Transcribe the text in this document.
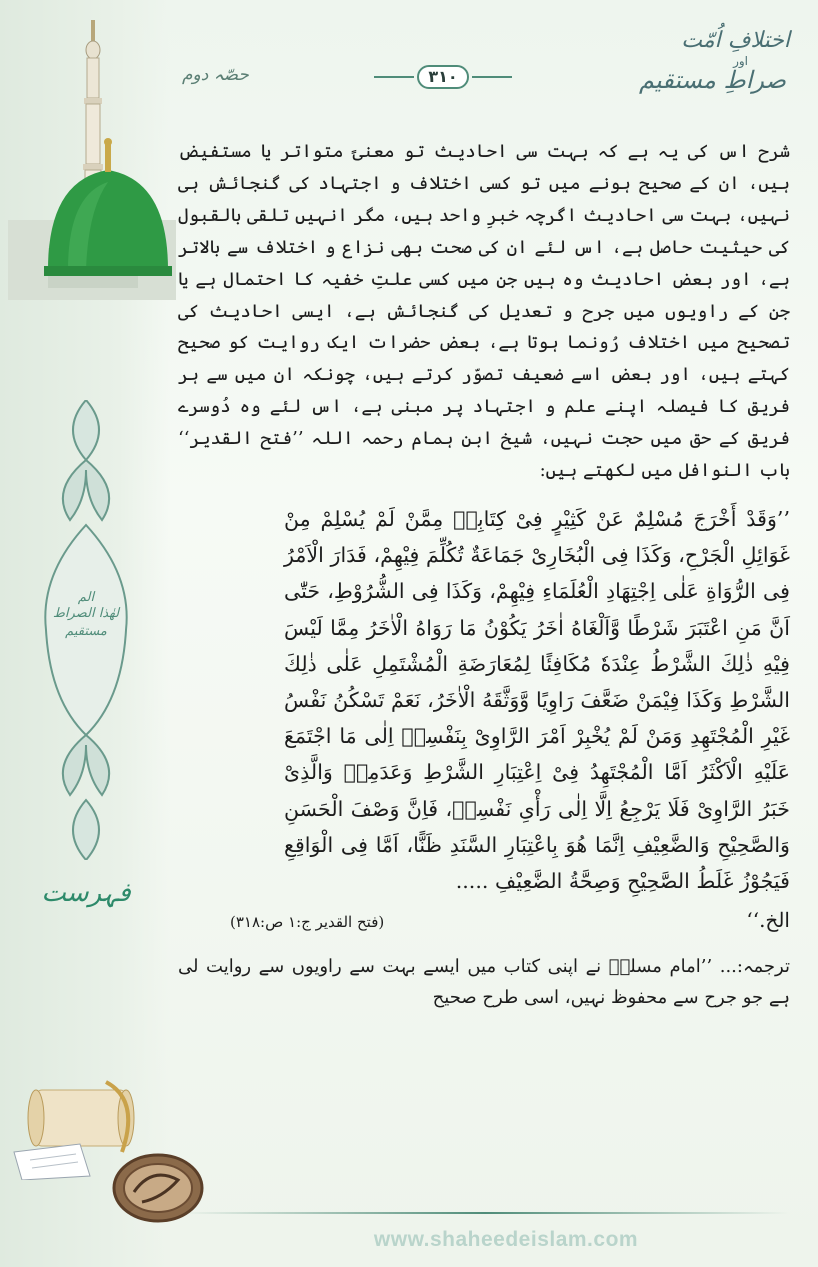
الم
لھٰذا الصراط مستقیم
فہرست
اختلافِ اُمّت
اور
صراطِ مستقیم
حصّہ دوم	۳۱۰

شرح اس کی یہ ہے کہ بہت سی احادیث تو معنیً متواتر یا مستفیض ہیں، ان کے صحیح ہونے میں تو کسی اختلاف و اجتہاد کی گنجائش ہی نہیں، بہت سی احادیث اگرچہ خبرِ واحد ہیں، مگر انہیں تلقی بالقبول کی حیثیت حاصل ہے، اس لئے ان کی صحت بھی نزاع و اختلاف سے بالاتر ہے، اور بعض احادیث وہ ہیں جن میں کسی علتِ خفیہ کا احتمال ہے یا جن کے راویوں میں جرح و تعدیل کی گنجائش ہے، ایسی احادیث کی تصحیح میں اختلاف رُونما ہوتا ہے، بعض حضرات ایک روایت کو صحیح کہتے ہیں، اور بعض اسے ضعیف تصوّر کرتے ہیں، چونکہ ان میں سے ہر فریق کا فیصلہ اپنے علم و اجتہاد پر مبنی ہے، اس لئے وہ دُوسرے فریق کے حق میں حجت نہیں، شیخ ابنِ ہمام رحمہ اللہ ’’فتح القدیر‘‘ باب النوافل میں لکھتے ہیں:

’’وَقَدْ أَخْرَجَ مُسْلِمٌ عَنْ كَثِيْرٍ فِىْ كِتَابِهٖ مِمَّنْ لَمْ يُسْلِمْ مِنْ غَوَائِلِ الْجَرْحِ، وَكَذَا فِى الْبُخَارِىْ جَمَاعَةٌ تُكُلِّمَ فِيْهِمْ، فَدَارَ الْاَمْرُ فِى الرُّوَاةِ عَلٰى اِجْتِهَادِ الْعُلَمَاءِ فِيْهِمْ، وَكَذَا فِى الشُّرُوْطِ، حَتّٰى اَنَّ مَنِ اعْتَبَرَ شَرْطًا وَّاَلْغَاهُ اٰخَرُ يَكُوْنُ مَا رَوَاهُ الْاٰخَرُ مِمَّا لَيْسَ فِيْهِ ذٰلِكَ الشَّرْطُ عِنْدَهٗ مُكَافِئًا لِمُعَارَضَةِ الْمُشْتَمِلِ عَلٰى ذٰلِكَ الشَّرْطِ وَكَذَا فِيْمَنْ ضَعَّفَ رَاوِيًا وَّوَثَّقَهُ الْاٰخَرُ، نَعَمْ تَسْكُنُ نَفْسُ غَيْرِ الْمُجْتَهِدِ وَمَنْ لَمْ يُخْبِرْ اَمْرَ الرَّاوِىْ بِنَفْسِهٖ اِلٰى مَا اجْتَمَعَ عَلَيْهِ الْاَكْثَرُ اَمَّا الْمُجْتَهِدُ فِىْ اِعْتِبَارِ الشَّرْطِ وَعَدَمِهٖ وَالَّذِىْ خَبَرُ الرَّاوِىْ فَلَا يَرْجِعُ اِلَّا اِلٰى رَأْىِ نَفْسِهٖ، فَاِنَّ وَصْفَ الْحَسَنِ وَالصَّحِيْحِ وَالضَّعِيْفِ اِنَّمَا هُوَ بِاعْتِبَارِ السَّنَدِ ظَنًّا، اَمَّا فِى الْوَاقِعِ فَيَجُوْزُ غَلَطُ الصَّحِيْحِ وَصِحَّةُ الضَّعِيْفِ .....

الخ.‘‘
(فتح القدیر ج:۱ ص:۳۱۸)

ترجمہ:... ’’امام مسلمؒ نے اپنی کتاب میں ایسے بہت سے راویوں سے روایت لی ہے جو جرح سے محفوظ نہیں، اسی طرح صحیح

www.shaheedeislam.com
